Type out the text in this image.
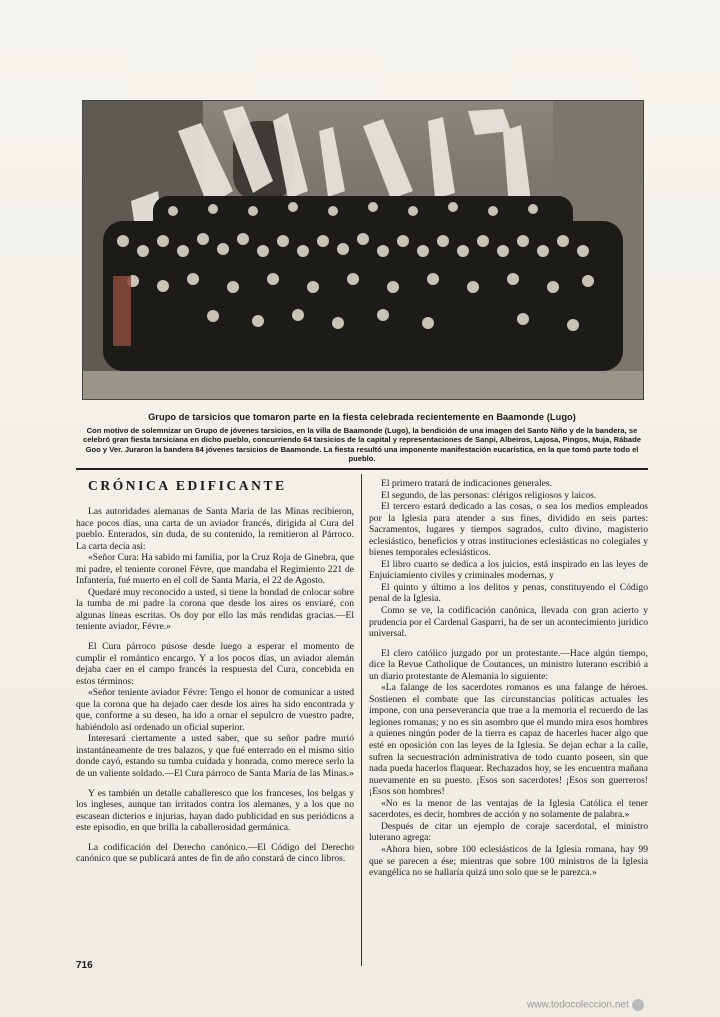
Grupo de tarsicios que tomaron parte en la fiesta celebrada recientemente en Baamonde (Lugo)
Con motivo de solemnizar un Grupo de jóvenes tarsicios, en la villa de Baamonde (Lugo), la bendición de una imagen del Santo Niño y de la bandera, se celebró gran fiesta tarsiciana en dicho pueblo, concurriendo 64 tarsicios de la capital y representaciones de Sanpi, Albeiros, Lajosa, Pingos, Muja, Rábade Goo y Ver. Juraron la bandera 84 jóvenes tarsicios de Baamonde. La fiesta resultó una imponente manifestación eucarística, en la que tomó parte todo el pueblo.
CRÓNICA EDIFICANTE

Las autoridades alemanas de Santa María de las Minas recibieron, hace pocos días, una carta de un aviador francés, dirigida al Cura del pueblo. Enterados, sin duda, de su contenido, la remitieron al Párroco. La carta decía así:

«Señor Cura: Ha sabido mi familia, por la Cruz Roja de Ginebra, que mi padre, el teniente coronel Févre, que mandaba el Regimiento 221 de Infantería, fué muerto en el coll de Santa María, el 22 de Agosto.

Quedaré muy reconocido a usted, si tiene la bondad de colocar sobre la tumba de mi padre la corona que desde los aires os enviaré, con algunas líneas escritas. Os doy por ello las más rendidas gracias.—El teniente aviador, Févre.»

El Cura párroco púsose desde luego a esperar el momento de cumplir el romántico encargo. Y a los pocos días, un aviador alemán dejaba caer en el campo francés la respuesta del Cura, concebida en estos términos:

«Señor teniente aviador Févre: Tengo el honor de comunicar a usted que la corona que ha dejado caer desde los aires ha sido encontrada y que, conforme a su deseo, ha ido a ornar el sepulcro de vuestro padre, habiéndolo así ordenado un oficial superior.

Interesará ciertamente a usted saber, que su señor padre murió instantáneamente de tres balazos, y que fué enterrado en el mismo sitio donde cayó, estando su tumba cuidada y honrada, como merece serlo la de un valiente soldado.—El Cura párroco de Santa María de las Minas.»

Y es también un detalle caballeresco que los franceses, los belgas y los ingleses, aunque tan irritados contra los alemanes, y a los que no escasean dicterios e injurias, hayan dado publicidad en sus periódicos a este episodio, en que brilla la caballerosidad germánica.

La codificación del Derecho canónico.—El Código del Derecho canónico que se publicará antes de fin de año constará de cinco libros.

El primero tratará de indicaciones generales.

El segundo, de las personas: clérigos religiosos y laicos.

El tercero estará dedicado a las cosas, o sea los medios empleados por la Iglesia para atender a sus fines, dividido en seis partes: Sacramentos, lugares y tiempos sagrados, culto divino, magisterio eclesiástico, beneficios y otras instituciones eclesiásticas no colegiales y bienes temporales eclesiásticos.

El libro cuarto se dedica a los juicios, está inspirado en las leyes de Enjuiciamiento civiles y criminales modernas, y

El quinto y último a los delitos y penas, constituyendo el Código penal de la Iglesia.

Como se ve, la codificación canónica, llevada con gran acierto y prudencia por el Cardenal Gasparri, ha de ser un acontecimiento jurídico universal.

El clero católico juzgado por un protestante.—Hace algún tiempo, dice la Revue Catholique de Coutances, un ministro luterano escribió a un diario protestante de Alemania lo siguiente:

«La falange de los sacerdotes romanos es una falange de héroes. Sostienen el combate que las circunstancias políticas actuales les impone, con una perseverancia que trae a la memoria el recuerdo de las legiones romanas; y no es sin asombro que el mundo mira esos hombres a quienes ningún poder de la tierra es capaz de hacerles hacer algo que esté en oposición con las leyes de la Iglesia. Se dejan echar a la calle, sufren la secuestración administrativa de todo cuanto poseen, sin que nada pueda hacerlos flaquear. Rechazados hoy, se les encuentra mañana nuevamente en su puesto. ¡Esos son sacerdotes! ¡Esos son guerreros! ¡Esos son hombres!

«No es la menor de las ventajas de la Iglesia Católica el tener sacerdotes, es decir, hombres de acción y no solamente de palabra.»

Después de citar un ejemplo de coraje sacerdotal, el ministro luterano agrega:

«Ahora bien, sobre 100 eclesiásticos de la Iglesia romana, hay 99 que se parecen a ése; mientras que sobre 100 ministros de la Iglesia evangélica no se hallaría quizá uno solo que se le parezca.»

716
www.todocoleccion.net
